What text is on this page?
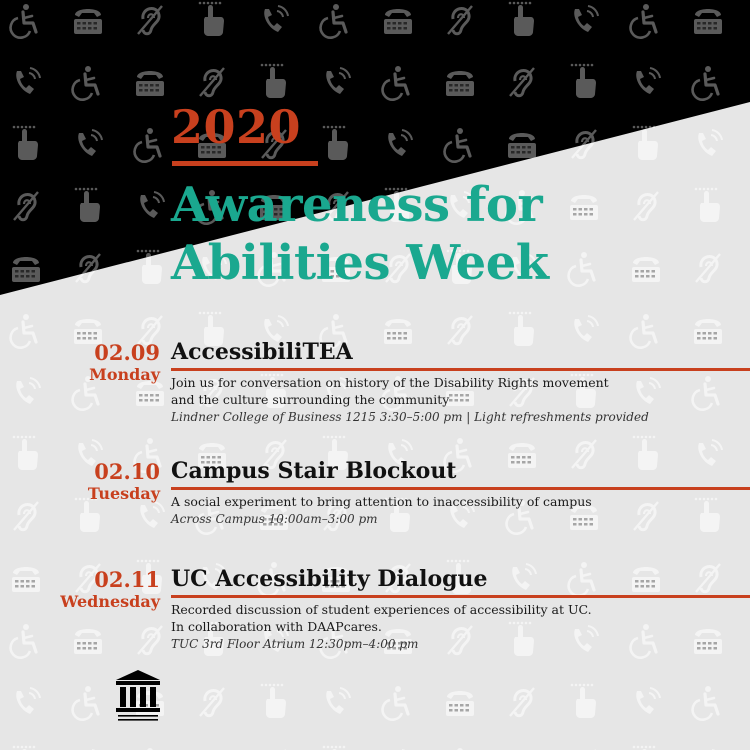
2020
Awareness for
Abilities Week
02.09
Monday
AccessibiliTEA
Join us for conversation on history of the Disability Rights movement
and the culture surrounding the community
Lindner College of Business 1215 3:30–5:00 pm | Light refreshments provided
02.10
Tuesday
Campus Stair Blockout
A social experiment to bring attention to inaccessibility of campus
Across Campus 10:00am–3:00 pm
02.11
Wednesday
UC Accessibility Dialogue
Recorded discussion of student experiences of accessibility at UC.
In collaboration with DAAPcares.
TUC 3rd Floor Atrium 12:30pm–4:00 pm
